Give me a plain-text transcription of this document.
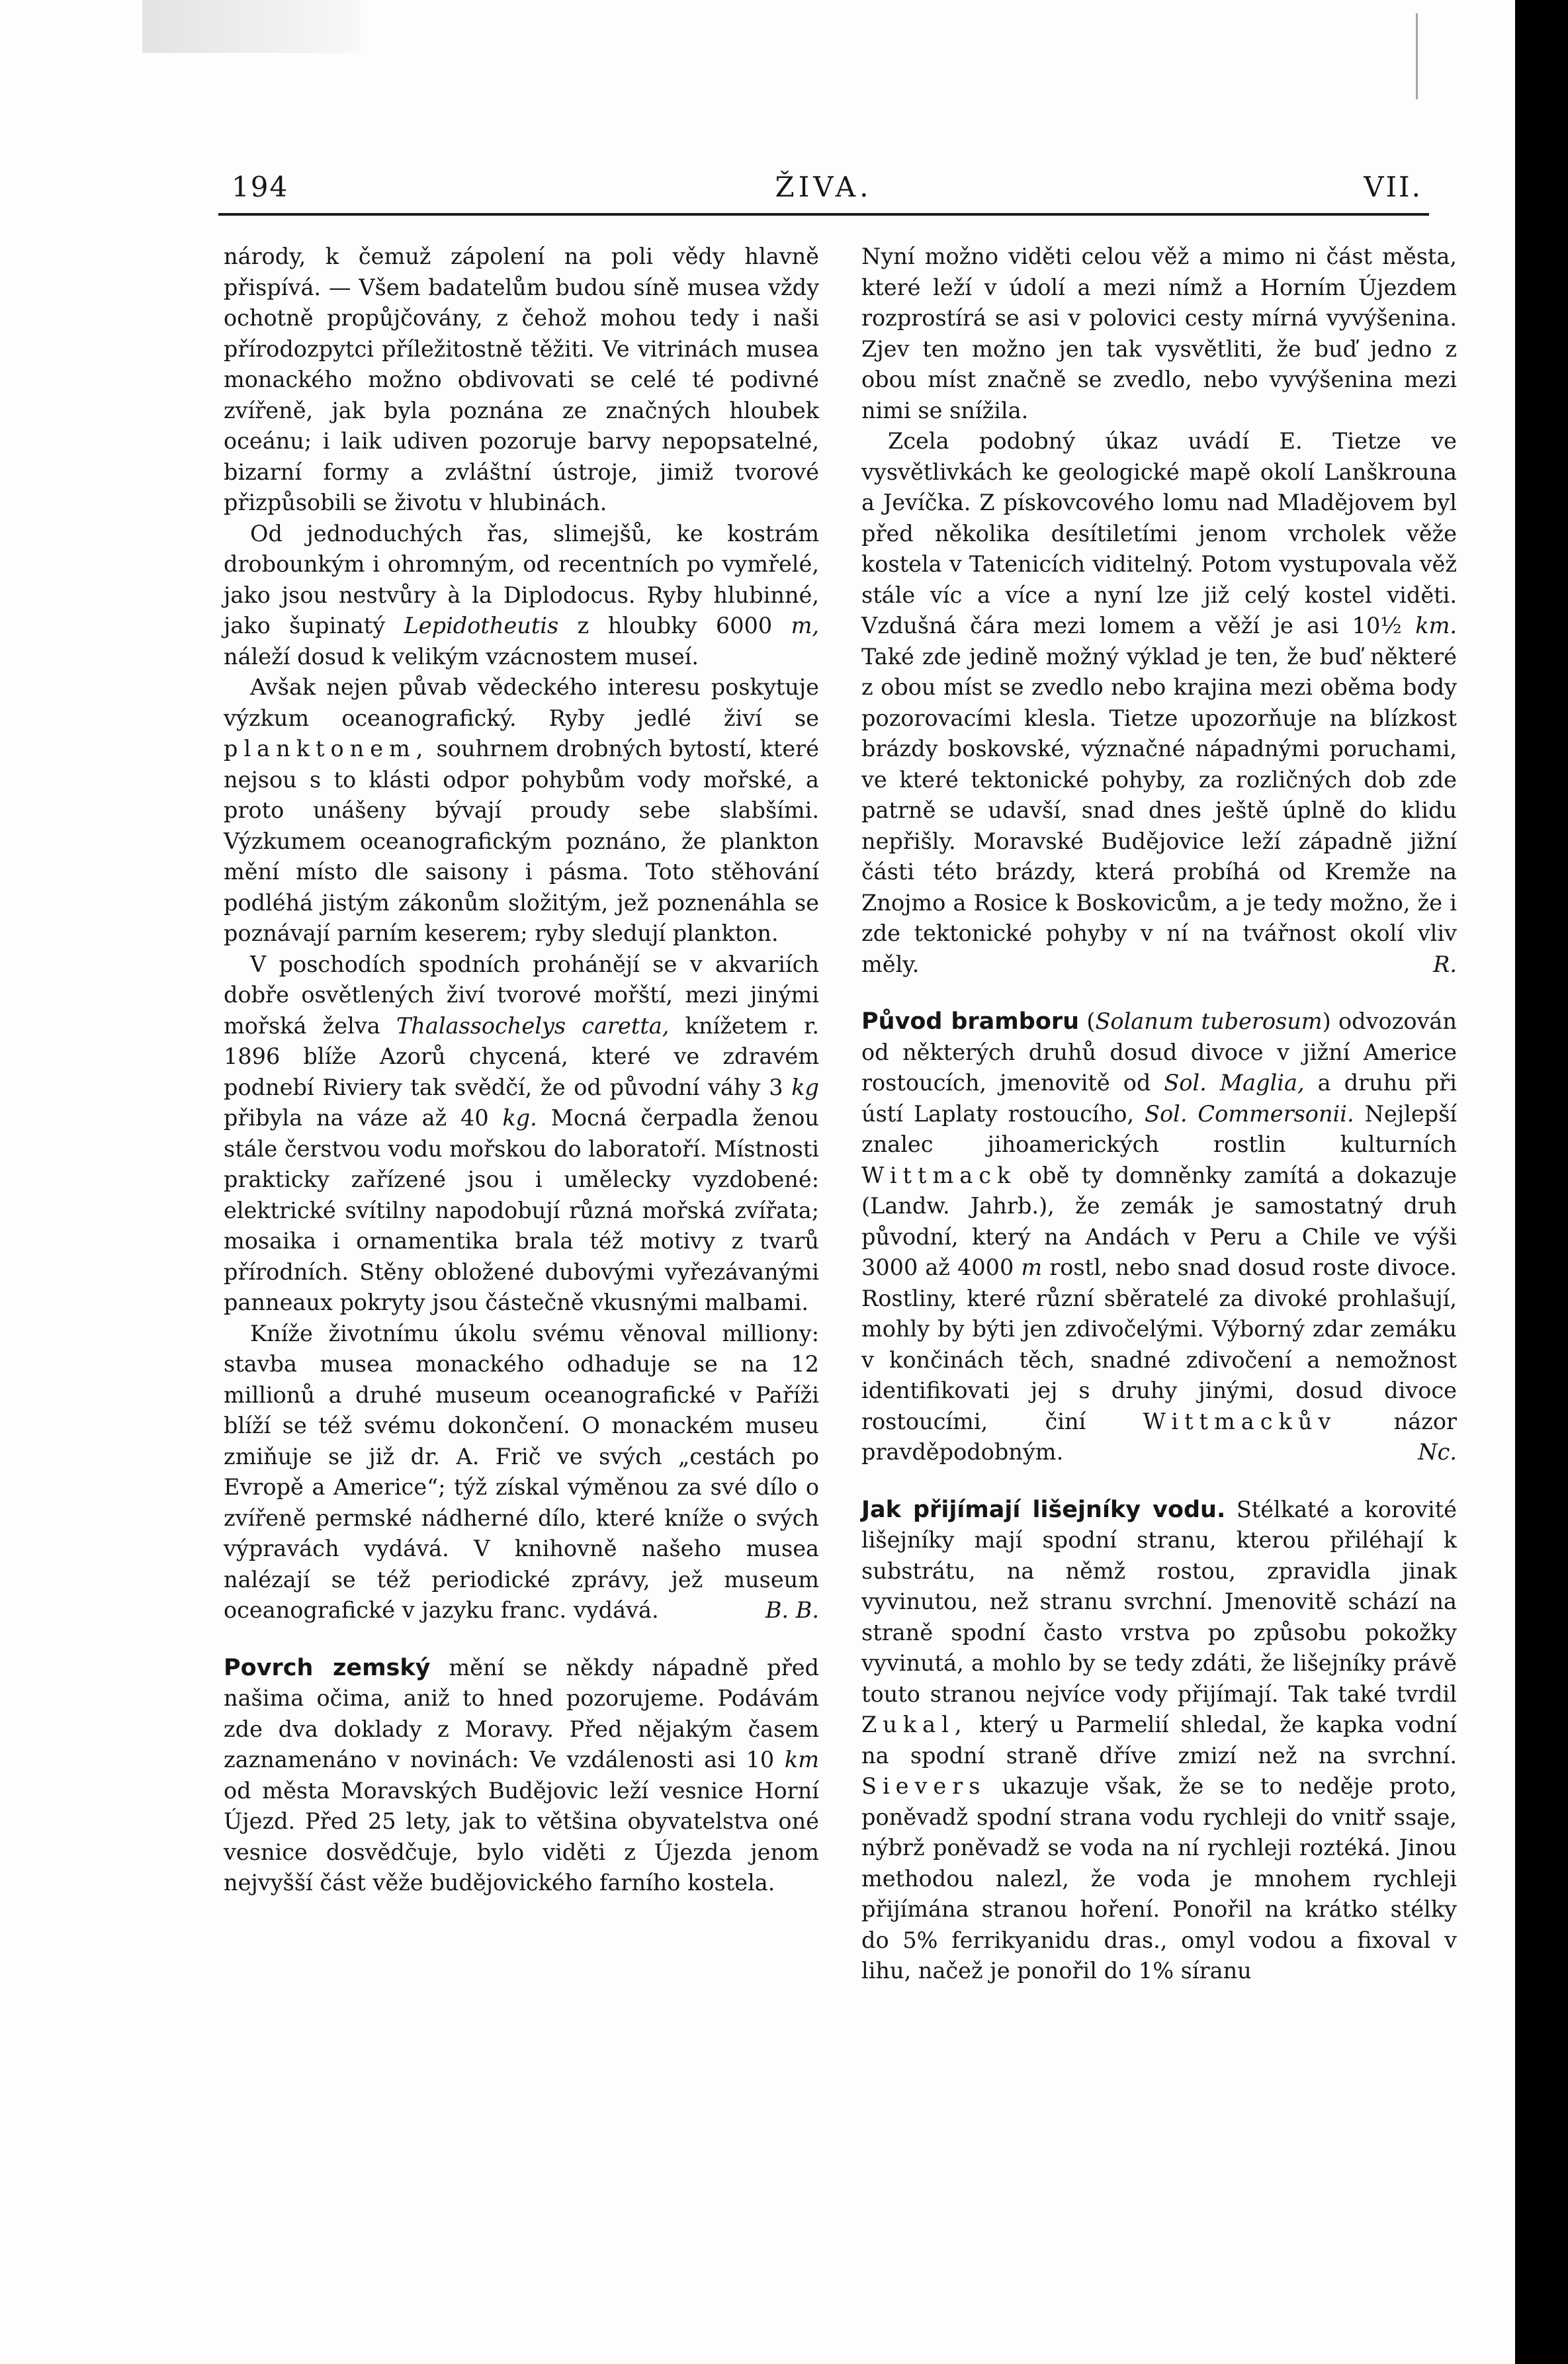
194	ŽIVA.	VII.

národy, k čemuž zápolení na poli vědy hlavně přispívá. — Všem badatelům budou síně musea vždy ochotně propůjčovány, z čehož mohou tedy i naši přírodozpytci příležitostně těžiti. Ve vitrinách musea monackého možno obdivovati se celé té podivné zvířeně, jak byla poznána ze značných hloubek oceánu; i laik udiven pozoruje barvy nepopsatelné, bizarní formy a zvláštní ústroje, jimiž tvorové přizpůsobili se životu v hlubinách.

Od jednoduchých řas, slimejšů, ke kostrám drobounkým i ohromným, od recentních po vymřelé, jako jsou nestvůry à la Diplodocus. Ryby hlubinné, jako šupinatý Lepidotheutis z hloubky 6000 m, náleží dosud k velikým vzácnostem museí.

Avšak nejen půvab vědeckého interesu poskytuje výzkum oceanografický. Ryby jedlé živí se planktonem, souhrnem drobných bytostí, které nejsou s to klásti odpor pohybům vody mořské, a proto unášeny bývají proudy sebe slabšími. Výzkumem oceanografickým poznáno, že plankton mění místo dle saisony i pásma. Toto stěhování podléhá jistým zákonům složitým, jež poznenáhla se poznávají parním keserem; ryby sledují plankton.

V poschodích spodních prohánějí se v akvariích dobře osvětlených živí tvorové mořští, mezi jinými mořská želva Thalassochelys caretta, knížetem r. 1896 blíže Azorů chycená, které ve zdravém podnebí Riviery tak svědčí, že od původní váhy 3 kg přibyla na váze až 40 kg. Mocná čerpadla ženou stále čerstvou vodu mořskou do laboratoří. Místnosti prakticky zařízené jsou i umělecky vyzdobené: elektrické svítilny napodobují různá mořská zvířata; mosaika i ornamentika brala též motivy z tvarů přírodních. Stěny obložené dubovými vyřezávanými panneaux pokryty jsou částečně vkusnými malbami.

Kníže životnímu úkolu svému věnoval milliony: stavba musea monackého odhaduje se na 12 millionů a druhé museum oceanografické v Paříži blíží se též svému dokončení. O monackém museu zmiňuje se již dr. A. Frič ve svých „cestách po Evropě a Americe“; týž získal výměnou za své dílo o zvířeně permské nádherné dílo, které kníže o svých výpravách vydává. V knihovně našeho musea nalézají se též periodické zprávy, jež museum oceanografické v jazyku franc. vydává.	B. B.

Povrch zemský mění se někdy nápadně před našima očima, aniž to hned pozorujeme. Podávám zde dva doklady z Moravy. Před nějakým časem zaznamenáno v novinách: Ve vzdálenosti asi 10 km od města Moravských Budějovic leží vesnice Horní Újezd. Před 25 lety, jak to většina obyvatelstva oné vesnice dosvědčuje, bylo viděti z Újezda jenom nejvyšší část věže budějovického farního kostela.

Nyní možno viděti celou věž a mimo ni část města, které leží v údolí a mezi nímž a Horním Újezdem rozprostírá se asi v polovici cesty mírná vyvýšenina. Zjev ten možno jen tak vysvětliti, že buď jedno z obou míst značně se zvedlo, nebo vyvýšenina mezi nimi se snížila.

Zcela podobný úkaz uvádí E. Tietze ve vysvětlivkách ke geologické mapě okolí Lanškrouna a Jevíčka. Z pískovcového lomu nad Mladějovem byl před několika desítiletími jenom vrcholek věže kostela v Tatenicích viditelný. Potom vystupovala věž stále víc a více a nyní lze již celý kostel viděti. Vzdušná čára mezi lomem a věží je asi 10½ km. Také zde jedině možný výklad je ten, že buď některé z obou míst se zvedlo nebo krajina mezi oběma body pozorovacími klesla. Tietze upozorňuje na blízkost brázdy boskovské, význačné nápadnými poruchami, ve které tektonické pohyby, za rozličných dob zde patrně se udavší, snad dnes ještě úplně do klidu nepřišly. Moravské Budějovice leží západně jižní části této brázdy, která probíhá od Kremže na Znojmo a Rosice k Boskovicům, a je tedy možno, že i zde tektonické pohyby v ní na tvářnost okolí vliv měly.	R.

Původ bramboru (Solanum tuberosum) odvozován od některých druhů dosud divoce v jižní Americe rostoucích, jmenovitě od Sol. Maglia, a druhu při ústí Laplaty rostoucího, Sol. Commersonii. Nejlepší znalec jihoamerických rostlin kulturních Wittmack obě ty domněnky zamítá a dokazuje (Landw. Jahrb.), že zemák je samostatný druh původní, který na Andách v Peru a Chile ve výši 3000 až 4000 m rostl, nebo snad dosud roste divoce. Rostliny, které různí sběratelé za divoké prohlašují, mohly by býti jen zdivočelými. Výborný zdar zemáku v končinách těch, snadné zdivočení a nemožnost identifikovati jej s druhy jinými, dosud divoce rostoucími, činí Wittmackův názor pravděpodobným.	Nc.

Jak přijímají lišejníky vodu. Stélkaté a korovité lišejníky mají spodní stranu, kterou přiléhají k substrátu, na němž rostou, zpravidla jinak vyvinutou, než stranu svrchní. Jmenovitě schází na straně spodní často vrstva po způsobu pokožky vyvinutá, a mohlo by se tedy zdáti, že lišejníky právě touto stranou nejvíce vody přijímají. Tak také tvrdil Zukal, který u Parmelií shledal, že kapka vodní na spodní straně dříve zmizí než na svrchní. Sievers ukazuje však, že se to neděje proto, poněvadž spodní strana vodu rychleji do vnitř ssaje, nýbrž poněvadž se voda na ní rychleji roztéká. Jinou methodou nalezl, že voda je mnohem rychleji přijímána stranou hoření. Ponořil na krátko stélky do 5% ferrikyanidu dras., omyl vodou a fixoval v lihu, načež je ponořil do 1% síranu
